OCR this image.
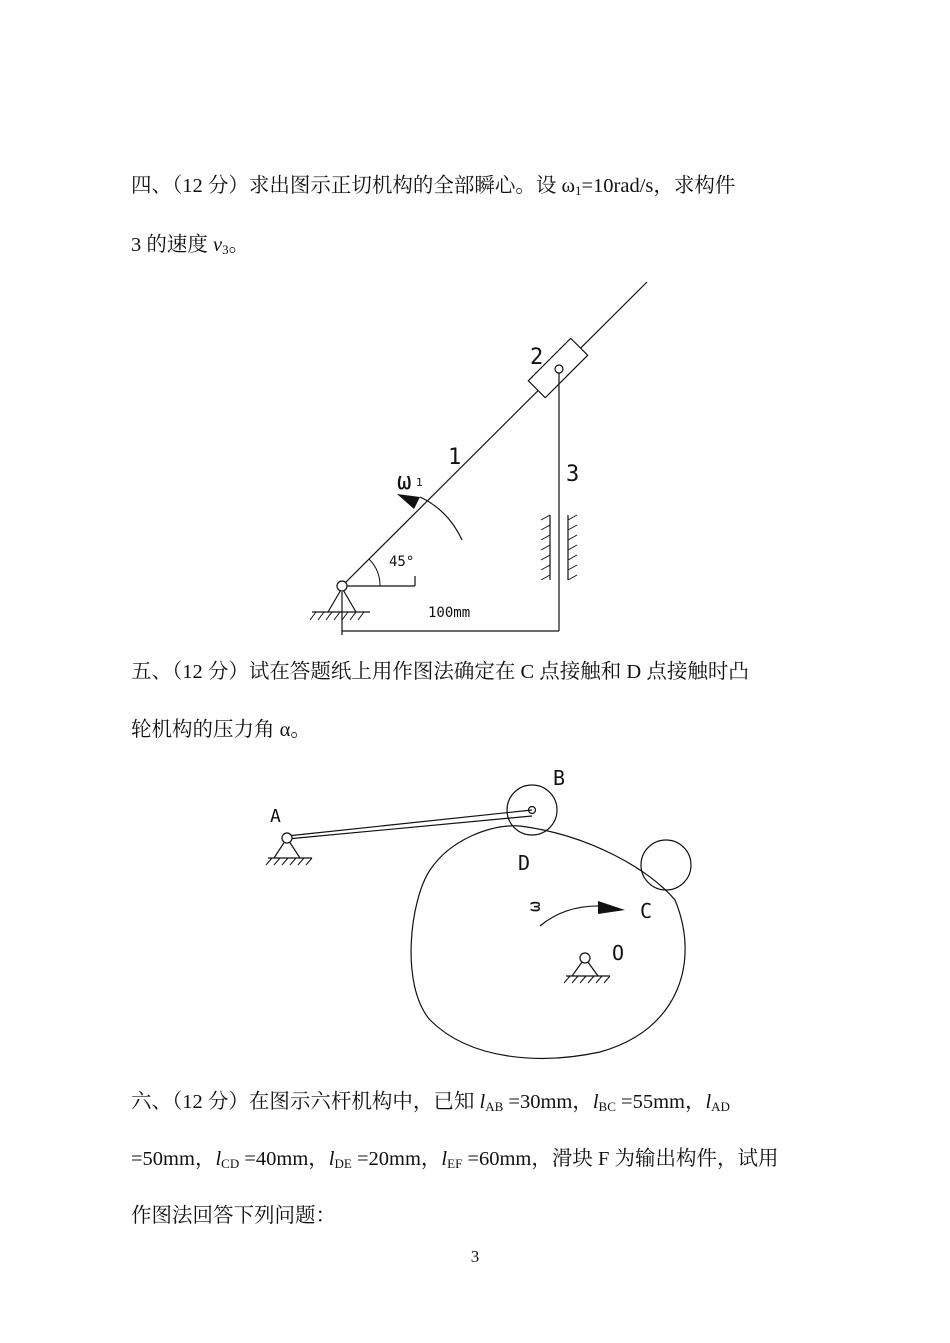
四、（12 分）求出图示正切机构的全部瞬心。设 $\omega_1=10rad/s$，求构件
3 的速度 $v_3$。
2
1
3
ω 1
45°
100mm
五、（12 分）试在答题纸上用作图法确定在 C 点接触和 D 点接触时凸
轮机构的压力角 α。
B
A
D
C
O
ω
六、（12 分）在图示六杆机构中，已知 $l_{AB} =30mm$，$l_{BC} =55mm$，$l_{AD}$
=50mm，$l_{CD} =40mm$，$l_{DE} =20mm$，$l_{EF} =60mm$，滑块 F 为输出构件，试用
作图法回答下列问题：
3
